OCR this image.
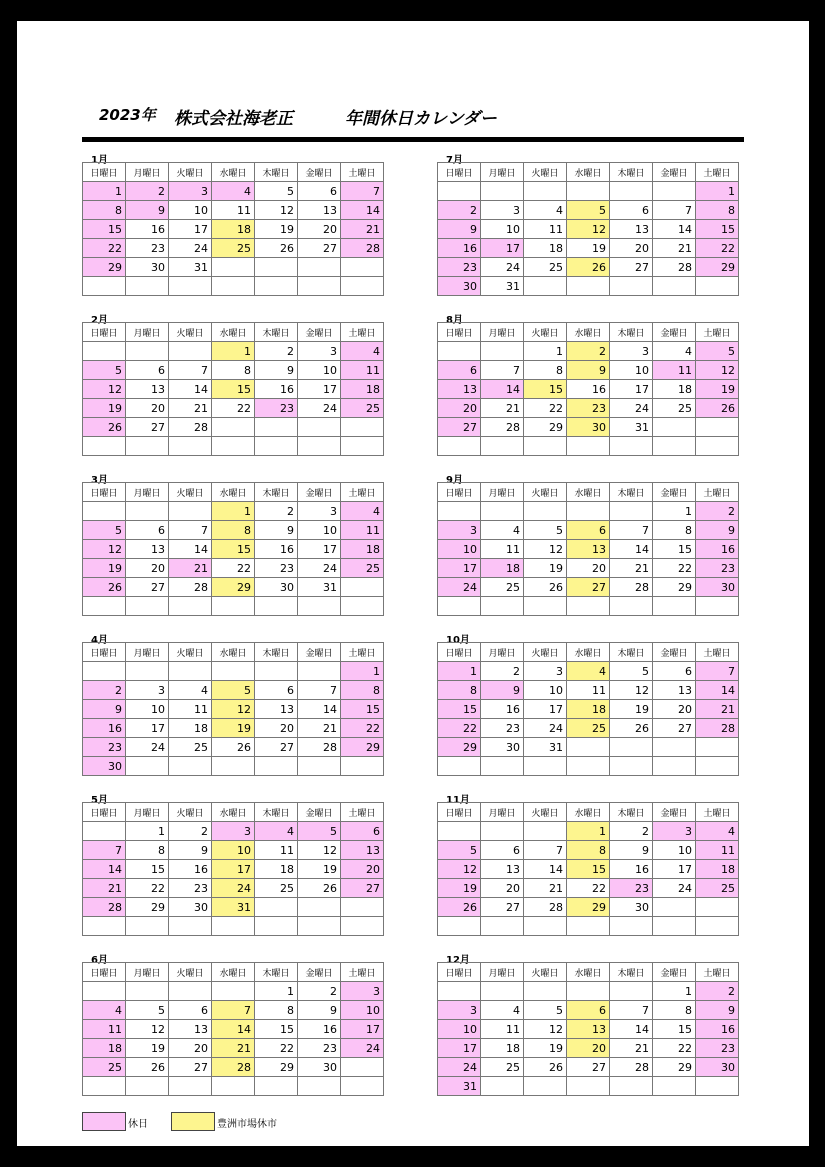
2023年 株式会社海老正	年間休日カレンダー
1月
日曜日	月曜日	火曜日	水曜日	木曜日	金曜日	土曜日
1	2	3	4	5	6	7
8	9	10	11	12	13	14
15	16	17	18	19	20	21
22	23	24	25	26	27	28
29	30	31				

2月
日曜日	月曜日	火曜日	水曜日	木曜日	金曜日	土曜日
			1	2	3	4
5	6	7	8	9	10	11
12	13	14	15	16	17	18
19	20	21	22	23	24	25
26	27	28				

3月
日曜日	月曜日	火曜日	水曜日	木曜日	金曜日	土曜日
			1	2	3	4
5	6	7	8	9	10	11
12	13	14	15	16	17	18
19	20	21	22	23	24	25
26	27	28	29	30	31	

4月
日曜日	月曜日	火曜日	水曜日	木曜日	金曜日	土曜日
						1
2	3	4	5	6	7	8
9	10	11	12	13	14	15
16	17	18	19	20	21	22
23	24	25	26	27	28	29
30						
5月
日曜日	月曜日	火曜日	水曜日	木曜日	金曜日	土曜日
	1	2	3	4	5	6
7	8	9	10	11	12	13
14	15	16	17	18	19	20
21	22	23	24	25	26	27
28	29	30	31			

6月
日曜日	月曜日	火曜日	水曜日	木曜日	金曜日	土曜日
				1	2	3
4	5	6	7	8	9	10
11	12	13	14	15	16	17
18	19	20	21	22	23	24
25	26	27	28	29	30	

7月
日曜日	月曜日	火曜日	水曜日	木曜日	金曜日	土曜日
						1
2	3	4	5	6	7	8
9	10	11	12	13	14	15
16	17	18	19	20	21	22
23	24	25	26	27	28	29
30	31					
8月
日曜日	月曜日	火曜日	水曜日	木曜日	金曜日	土曜日
		1	2	3	4	5
6	7	8	9	10	11	12
13	14	15	16	17	18	19
20	21	22	23	24	25	26
27	28	29	30	31		

9月
日曜日	月曜日	火曜日	水曜日	木曜日	金曜日	土曜日
					1	2
3	4	5	6	7	8	9
10	11	12	13	14	15	16
17	18	19	20	21	22	23
24	25	26	27	28	29	30

10月
日曜日	月曜日	火曜日	水曜日	木曜日	金曜日	土曜日
1	2	3	4	5	6	7
8	9	10	11	12	13	14
15	16	17	18	19	20	21
22	23	24	25	26	27	28
29	30	31				

11月
日曜日	月曜日	火曜日	水曜日	木曜日	金曜日	土曜日
			1	2	3	4
5	6	7	8	9	10	11
12	13	14	15	16	17	18
19	20	21	22	23	24	25
26	27	28	29	30		

12月
日曜日	月曜日	火曜日	水曜日	木曜日	金曜日	土曜日
					1	2
3	4	5	6	7	8	9
10	11	12	13	14	15	16
17	18	19	20	21	22	23
24	25	26	27	28	29	30
31						
休日	豊洲市場休市
